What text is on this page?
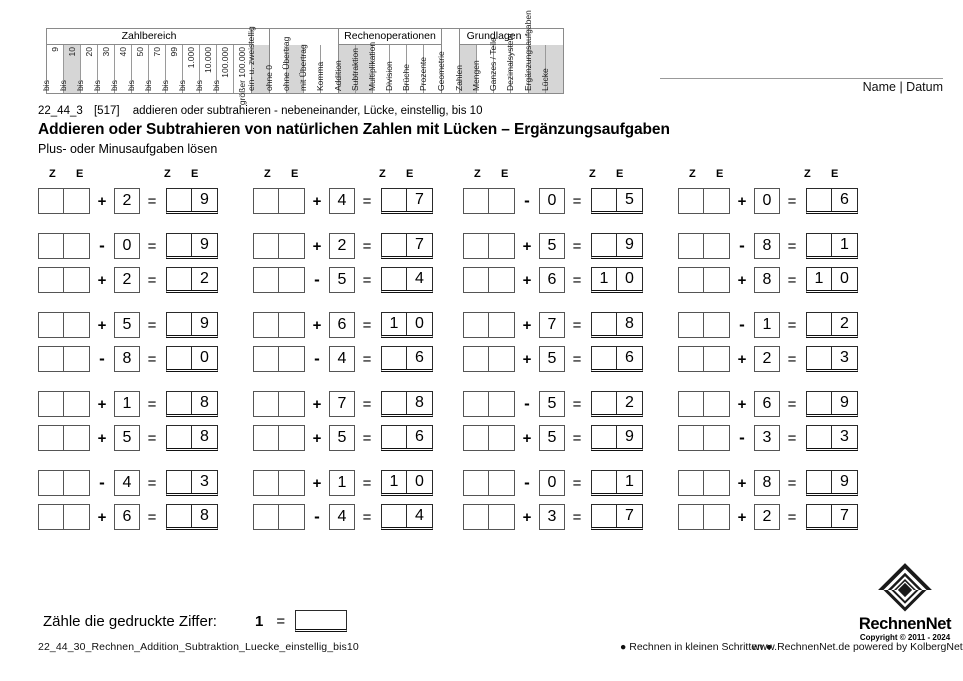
Zahlbereich
9
bis
10
bis
20
bis
30
bis
40
bis
50
bis
70
bis
99
bis
1.000
bis
10.000
bis
100.000
bis größer 100.000
ein- u. zweistellig
ohne 0 ohne Übertrag mit Übertrag Komma
Rechenoperationen
Addition Subtraktion Multiplikation Division Brüche Prozente
Geometrie
Grundlagen
Zahlen Mengen Ganzes / Teile Dezimalsystem
Ergänzungsaufgaben Lücke	Name | Datum
22_44_3 [517] addieren oder subtrahieren - nebeneinander, Lücke, einstellig, bis 10
Addieren oder Subtrahieren von natürlichen Zahlen mit Lücken – Ergänzungsaufgaben
Plus- oder Minusaufgaben lösen
Z E	Z E
+	2	=	9
-	0	=	9
+	2	=	2
+	5	=	9
-	8	=	0
+	1	=	8
+	5	=	8
-	4	=	3
+	6	=	8
Z E	Z E
+	4	=	7
+	2	=	7
-	5	=	4
+	6	=	1	0
-	4	=	6
+	7	=	8
+	5	=	6
+	1	=	1	0
-	4	=	4
Z E	Z E
-	0	=	5
+	5	=	9
+	6	=	1	0
+	7	=	8
+	5	=	6
-	5	=	2
+	5	=	9
-	0	=	1
+	3	=	7
Z E	Z E
+	0	=	6
-	8	=	1
+	8	=	1	0
-	1	=	2
+	2	=	3
+	6	=	9
-	3	=	3
+	8	=	9
+	2	=	7
Zähle die gedruckte Ziffer:	1 =
22_44_30_Rechnen_Addition_Subtraktion_Luecke_einstellig_bis10	● Rechnen in kleinen Schritten ●
www.RechnenNet.de powered by KolbergNet
RechnenNet
Copyright © 2011 - 2024
